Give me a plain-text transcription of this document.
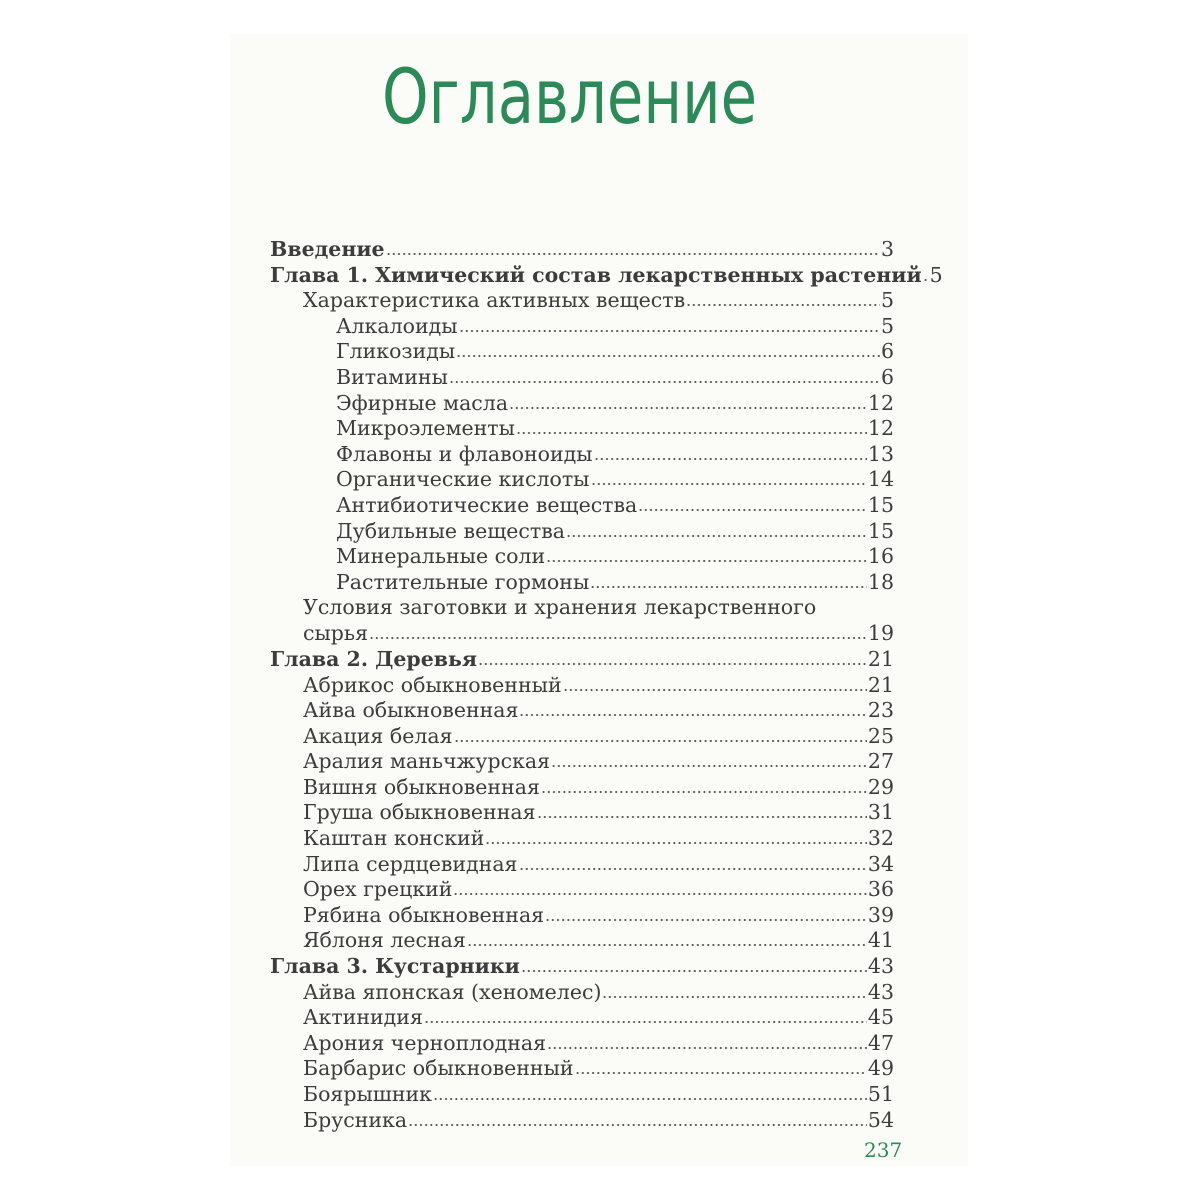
Оглавление
Введение	3
Глава 1. Химический состав лекарственных растений 5
Характеристика активных веществ	5
Алкалоиды	5
Гликозиды	6
Витамины	6
Эфирные масла	12
Микроэлементы	12
Флавоны и флавоноиды	13
Органические кислоты	14
Антибиотические вещества	15
Дубильные вещества	15
Минеральные соли	16
Растительные гормоны	18
Условия заготовки и хранения лекарственного
сырья	19
Глава 2. Деревья	21
Абрикос обыкновенный	21
Айва обыкновенная	23
Акация белая	25
Аралия маньчжурская	27
Вишня обыкновенная	29
Груша обыкновенная	31
Каштан конский	32
Липа сердцевидная	34
Орех грецкий	36
Рябина обыкновенная	39
Яблоня лесная	41
Глава 3. Кустарники	43
Айва японская (хеномелес)	43
Актинидия	45
Арония черноплодная	47
Барбарис обыкновенный	49
Боярышник	51
Брусника	54
237
